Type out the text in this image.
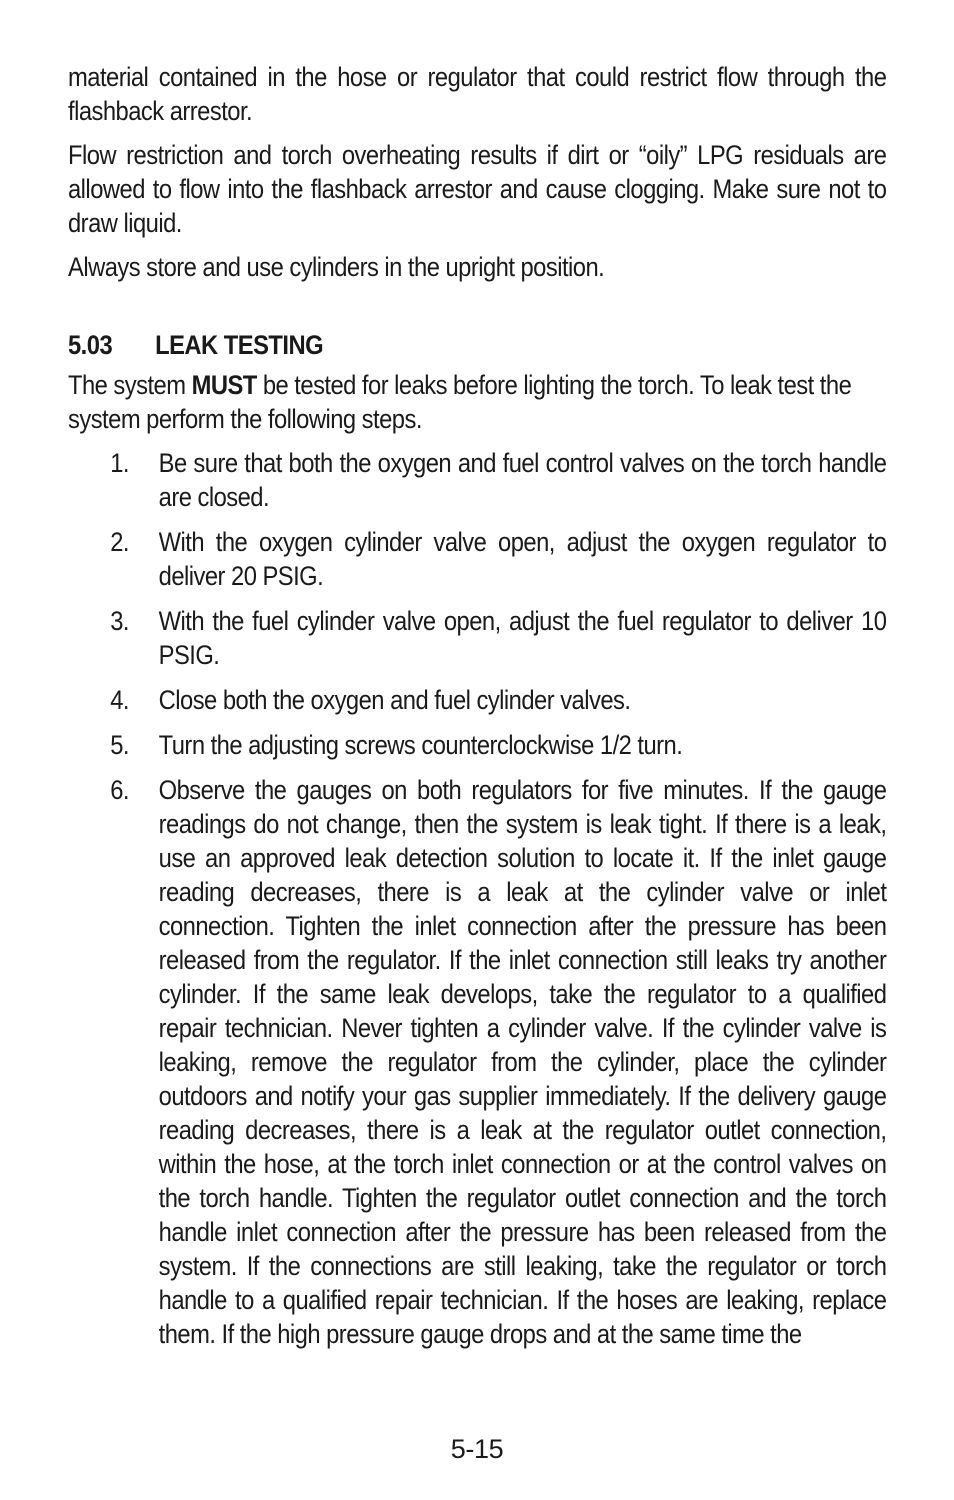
material contained in the hose or regulator that could restrict flow through the flashback arrestor.

Flow restriction and torch overheating results if dirt or “oily” LPG residuals are allowed to flow into the flashback arrestor and cause clogging. Make sure not to draw liquid.

Always store and use cylinders in the upright position.

5.03	LEAK TESTING

The system MUST be tested for leaks before lighting the torch. To leak test the system perform the following steps.

1.	Be sure that both the oxygen and fuel control valves on the torch handle are closed.
2.	With the oxygen cylinder valve open, adjust the oxygen regulator to deliver 20 PSIG.
3.	With the fuel cylinder valve open, adjust the fuel regulator to deliver 10 PSIG.
4.	Close both the oxygen and fuel cylinder valves.
5.	Turn the adjusting screws counterclockwise 1/2 turn.
6.	Observe the gauges on both regulators for five minutes. If the gauge readings do not change, then the system is leak tight. If there is a leak, use an approved leak detection solution to locate it. If the inlet gauge reading decreases, there is a leak at the cylinder valve or inlet connection. Tighten the inlet connection after the pressure has been released from the regulator. If the inlet connection still leaks try another cylinder. If the same leak develops, take the regulator to a qualified repair technician. Never tighten a cylinder valve. If the cylinder valve is leaking, remove the regulator from the cylinder, place the cylinder outdoors and notify your gas supplier immediately. If the delivery gauge reading decreases, there is a leak at the regulator outlet connection, within the hose, at the torch inlet connection or at the control valves on the torch handle. Tighten the regulator outlet connection and the torch handle inlet connection after the pressure has been released from the system. If the connections are still leaking, take the regulator or torch handle to a qualified repair technician. If the hoses are leaking, replace them. If the high pressure gauge drops and at the same time the
5-15
